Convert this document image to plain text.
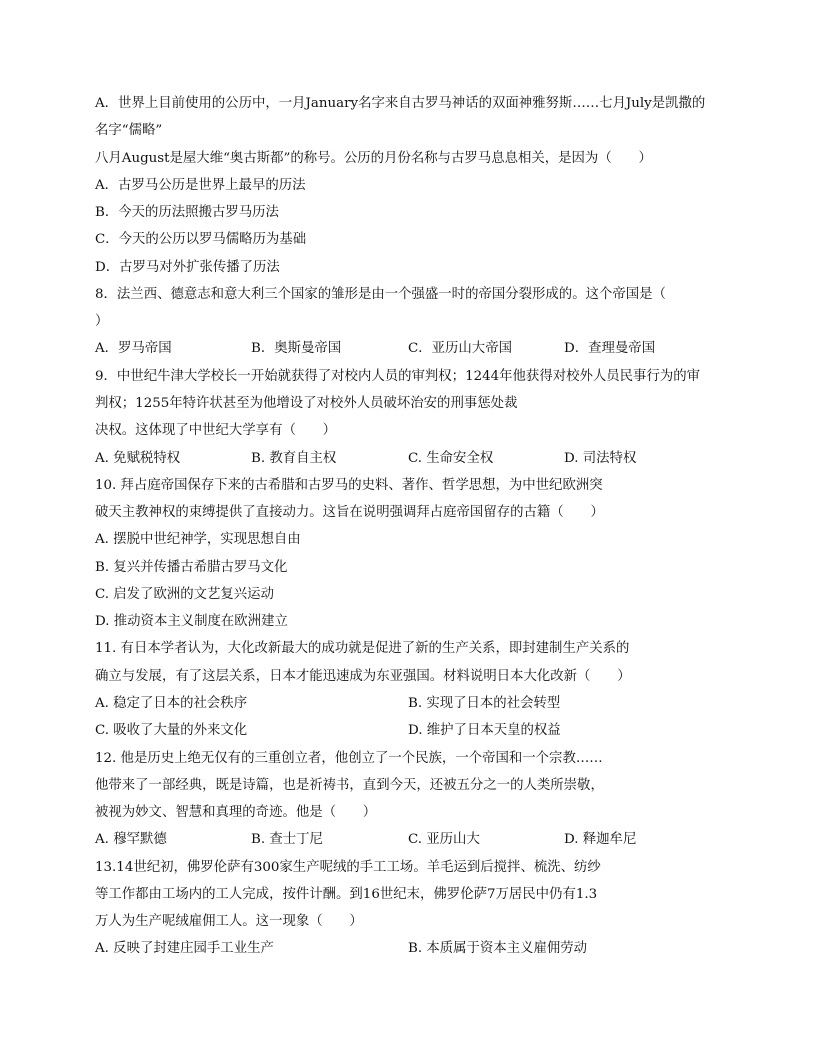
A．世界上目前使用的公历中，一月January名字来自古罗马神话的双面神雅努斯……七月July是凯撒的
名字“儒略”
八月August是屋大维“奥古斯都”的称号。公历的月份名称与古罗马息息相关，是因为（　　）
A．古罗马公历是世界上最早的历法
B．今天的历法照搬古罗马历法
C．今天的公历以罗马儒略历为基础
D．古罗马对外扩张传播了历法
8．法兰西、德意志和意大利三个国家的雏形是由一个强盛一时的帝国分裂形成的。这个帝国是（
）
A．罗马帝国	B．奥斯曼帝国	C．亚历山大帝国	D．查理曼帝国
9．中世纪牛津大学校长一开始就获得了对校内人员的审判权；1244年他获得对校外人员民事行为的审
判权；1255年特许状甚至为他增设了对校外人员破坏治安的刑事惩处裁
决权。这体现了中世纪大学享有（　　）
A. 免赋税特权	B. 教育自主权	C. 生命安全权	D. 司法特权
10. 拜占庭帝国保存下来的古希腊和古罗马的史料、著作、哲学思想，为中世纪欧洲突
破天主教神权的束缚提供了直接动力。这旨在说明强调拜占庭帝国留存的古籍（　　）
A. 摆脱中世纪神学，实现思想自由
B. 复兴并传播古希腊古罗马文化
C. 启发了欧洲的文艺复兴运动
D. 推动资本主义制度在欧洲建立
11. 有日本学者认为，大化改新最大的成功就是促进了新的生产关系，即封建制生产关系的
确立与发展，有了这层关系，日本才能迅速成为东亚强国。材料说明日本大化改新（　　）
A. 稳定了日本的社会秩序	B. 实现了日本的社会转型
C. 吸收了大量的外来文化	D. 维护了日本天皇的权益
12. 他是历史上绝无仅有的三重创立者，他创立了一个民族，一个帝国和一个宗教……
他带来了一部经典，既是诗篇，也是祈祷书，直到今天，还被五分之一的人类所崇敬，
被视为妙文、智慧和真理的奇迹。他是（　　）
A. 穆罕默德	B. 查士丁尼	C. 亚历山大	D. 释迦牟尼
13.14世纪初，佛罗伦萨有300家生产呢绒的手工工场。羊毛运到后搅拌、梳洗、纺纱
等工作都由工场内的工人完成，按件计酬。到16世纪末，佛罗伦萨7万居民中仍有1.3
万人为生产呢绒雇佣工人。这一现象（　　）
A. 反映了封建庄园手工业生产	B. 本质属于资本主义雇佣劳动
